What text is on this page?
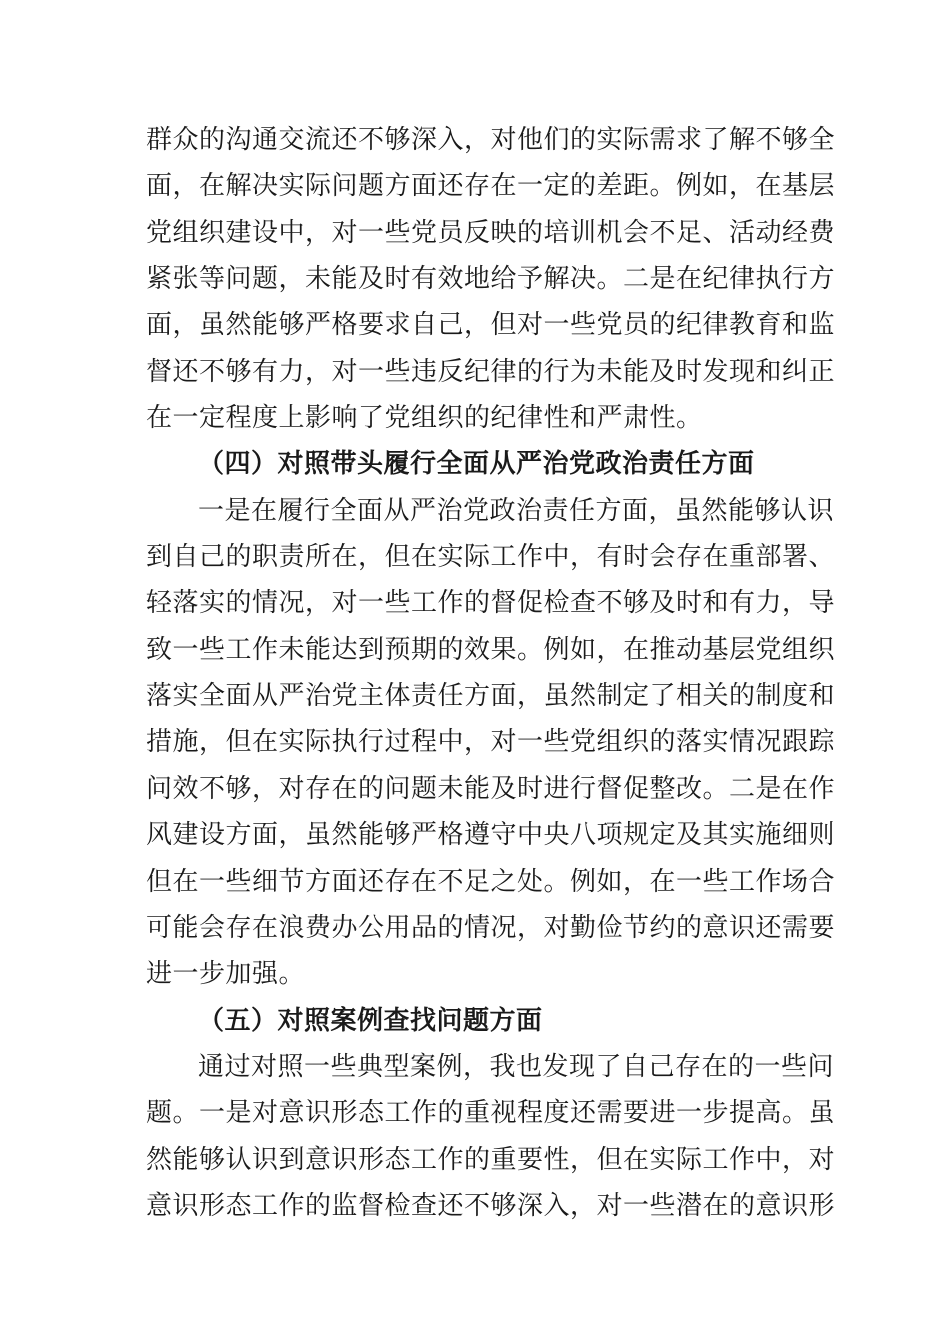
群众的沟通交流还不够深入，对他们的实际需求了解不够全
面，在解决实际问题方面还存在一定的差距。例如，在基层
党组织建设中，对一些党员反映的培训机会不足、活动经费
紧张等问题，未能及时有效地给予解决。二是在纪律执行方
面，虽然能够严格要求自己，但对一些党员的纪律教育和监
督还不够有力，对一些违反纪律的行为未能及时发现和纠正
在一定程度上影响了党组织的纪律性和严肃性。
（四）对照带头履行全面从严治党政治责任方面
一是在履行全面从严治党政治责任方面，虽然能够认识
到自己的职责所在，但在实际工作中，有时会存在重部署、
轻落实的情况，对一些工作的督促检查不够及时和有力，导
致一些工作未能达到预期的效果。例如，在推动基层党组织
落实全面从严治党主体责任方面，虽然制定了相关的制度和
措施，但在实际执行过程中，对一些党组织的落实情况跟踪
问效不够，对存在的问题未能及时进行督促整改。二是在作
风建设方面，虽然能够严格遵守中央八项规定及其实施细则
但在一些细节方面还存在不足之处。例如，在一些工作场合
可能会存在浪费办公用品的情况，对勤俭节约的意识还需要
进一步加强。
（五）对照案例查找问题方面
通过对照一些典型案例，我也发现了自己存在的一些问
题。一是对意识形态工作的重视程度还需要进一步提高。虽
然能够认识到意识形态工作的重要性，但在实际工作中，对
意识形态工作的监督检查还不够深入，对一些潜在的意识形
